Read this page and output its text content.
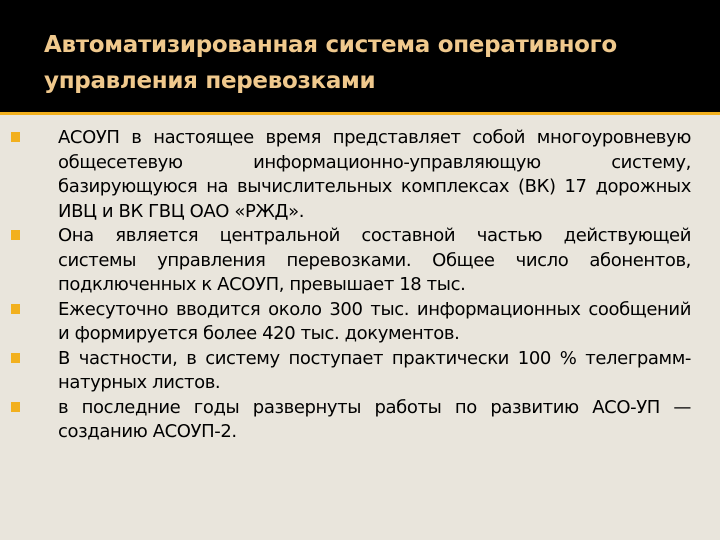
Автоматизированная система оперативного
управления перевозками
АСОУП в настоящее время представляет собой многоуровневую общесетевую информационно-управляющую систему, базирующуюся на вычислительных комплексах (ВК) 17 дорожных ИВЦ и ВК ГВЦ ОАО «РЖД».
Она является центральной составной частью действующей системы управления перевозками. Общее число абонентов, подключенных к АСОУП, превышает 18 тыс.
Ежесуточно вводится около 300 тыс. информационных сообщений и формируется более 420 тыс. документов.
В частности, в систему поступает практически 100 % телеграмм-натурных листов.
в последние годы развернуты работы по развитию АСО-УП — созданию АСОУП-2.
